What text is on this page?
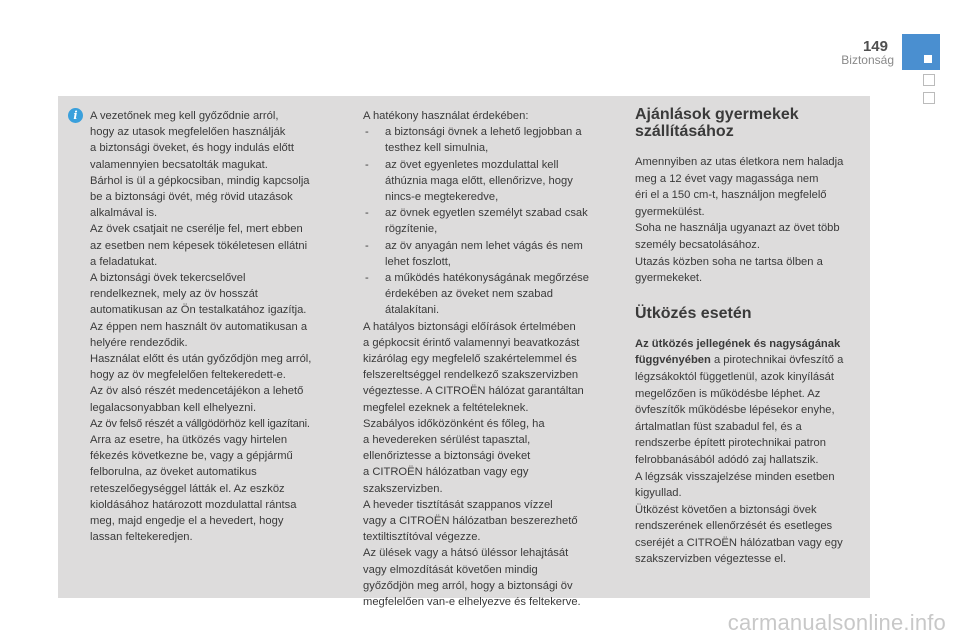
149
Biztonság
i	A vezetőnek meg kell győződnie arról,

hogy az utasok megfelelően használják

a biztonsági öveket, és hogy indulás előtt

valamennyien becsatolták magukat.

Bárhol is ül a gépkocsiban, mindig kapcsolja

be a biztonsági övét, még rövid utazások

alkalmával is.

Az övek csatjait ne cserélje fel, mert ebben

az esetben nem képesek tökéletesen ellátni

a feladatukat.

A biztonsági övek tekercselővel

rendelkeznek, mely az öv hosszát

automatikusan az Ön testalkatához igazítja.

Az éppen nem használt öv automatikusan a

helyére rendeződik.

Használat előtt és után győződjön meg arról,

hogy az öv megfelelően feltekeredett-e.

Az öv alsó részét medencetájékon a lehető

legalacsonyabban kell elhelyezni.

Az öv felső részét a vállgödörhöz kell igazítani.

Arra az esetre, ha ütközés vagy hirtelen

fékezés következne be, vagy a gépjármű

felborulna, az öveket automatikus

reteszelőegységgel látták el. Az eszköz

kioldásához határozott mozdulattal rántsa

meg, majd engedje el a hevedert, hogy

lassan feltekeredjen.

A hatékony használat érdekében:

- a biztonsági övnek a lehető legjobban a

testhez kell simulnia,

- az övet egyenletes mozdulattal kell

áthúznia maga előtt, ellenőrizve, hogy

nincs-e megtekeredve,

- az övnek egyetlen személyt szabad csak

rögzítenie,

- az öv anyagán nem lehet vágás és nem

lehet foszlott,

- a működés hatékonyságának megőrzése

érdekében az öveket nem szabad

átalakítani.

A hatályos biztonsági előírások értelmében

a gépkocsit érintő valamennyi beavatkozást

kizárólag egy megfelelő szakértelemmel és

felszereltséggel rendelkező szakszervizben

végeztesse. A CITROËN hálózat garantáltan

megfelel ezeknek a feltételeknek.

Szabályos időközönként és főleg, ha

a hevedereken sérülést tapasztal,

ellenőriztesse a biztonsági öveket

a CITROËN hálózatban vagy egy

szakszervizben.

A heveder tisztítását szappanos vízzel

vagy a CITROËN hálózatban beszerezhető

textiltisztítóval végezze.

Az ülések vagy a hátsó üléssor lehajtását

vagy elmozdítását követően mindig

győződjön meg arról, hogy a biztonsági öv

megfelelően van-e elhelyezve és feltekerve.

Ajánlások gyermekek
szállításához

Amennyiben az utas életkora nem haladja

meg a 12 évet vagy magassága nem

éri el a 150 cm-t, használjon megfelelő

gyermekülést.

Soha ne használja ugyanazt az övet több

személy becsatolásához.

Utazás közben soha ne tartsa ölben a

gyermekeket.

Ütközés esetén

Az ütközés jellegének és nagyságának

függvényében a pirotechnikai övfeszítő a

légzsákoktól függetlenül, azok kinyílását

megelőzően is működésbe léphet. Az

övfeszítők működésbe lépésekor enyhe,

ártalmatlan füst szabadul fel, és a

rendszerbe épített pirotechnikai patron

felrobbanásából adódó zaj hallatszik.

A légzsák visszajelzése minden esetben

kigyullad.

Ütközést követően a biztonsági övek

rendszerének ellenőrzését és esetleges

cseréjét a CITROËN hálózatban vagy egy

szakszervizben végeztesse el.

carmanualsonline.info
